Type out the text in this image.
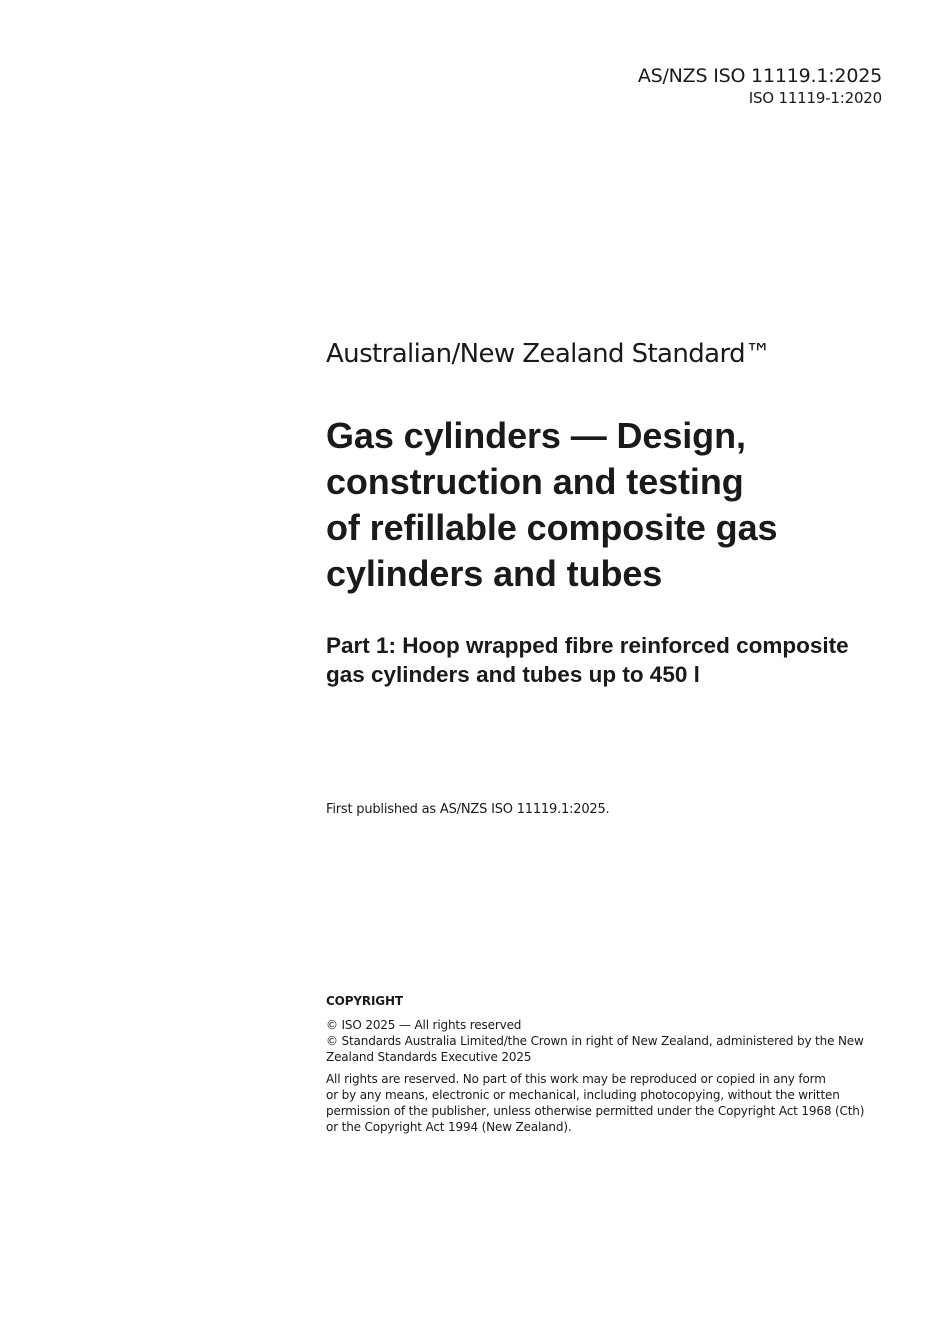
AS/NZS ISO 11119.1:2025
ISO 11119-1:2020
Australian/New Zealand Standard™
Gas cylinders — Design,
construction and testing
of refillable composite gas
cylinders and tubes
Part 1: Hoop wrapped fibre reinforced composite
gas cylinders and tubes up to 450 l
First published as AS/NZS ISO 11119.1:2025.
COPYRIGHT
© ISO 2025 — All rights reserved
© Standards Australia Limited/the Crown in right of New Zealand, administered by the New
Zealand Standards Executive 2025
All rights are reserved. No part of this work may be reproduced or copied in any form
or by any means, electronic or mechanical, including photocopying, without the written
permission of the publisher, unless otherwise permitted under the Copyright Act 1968 (Cth)
or the Copyright Act 1994 (New Zealand).
